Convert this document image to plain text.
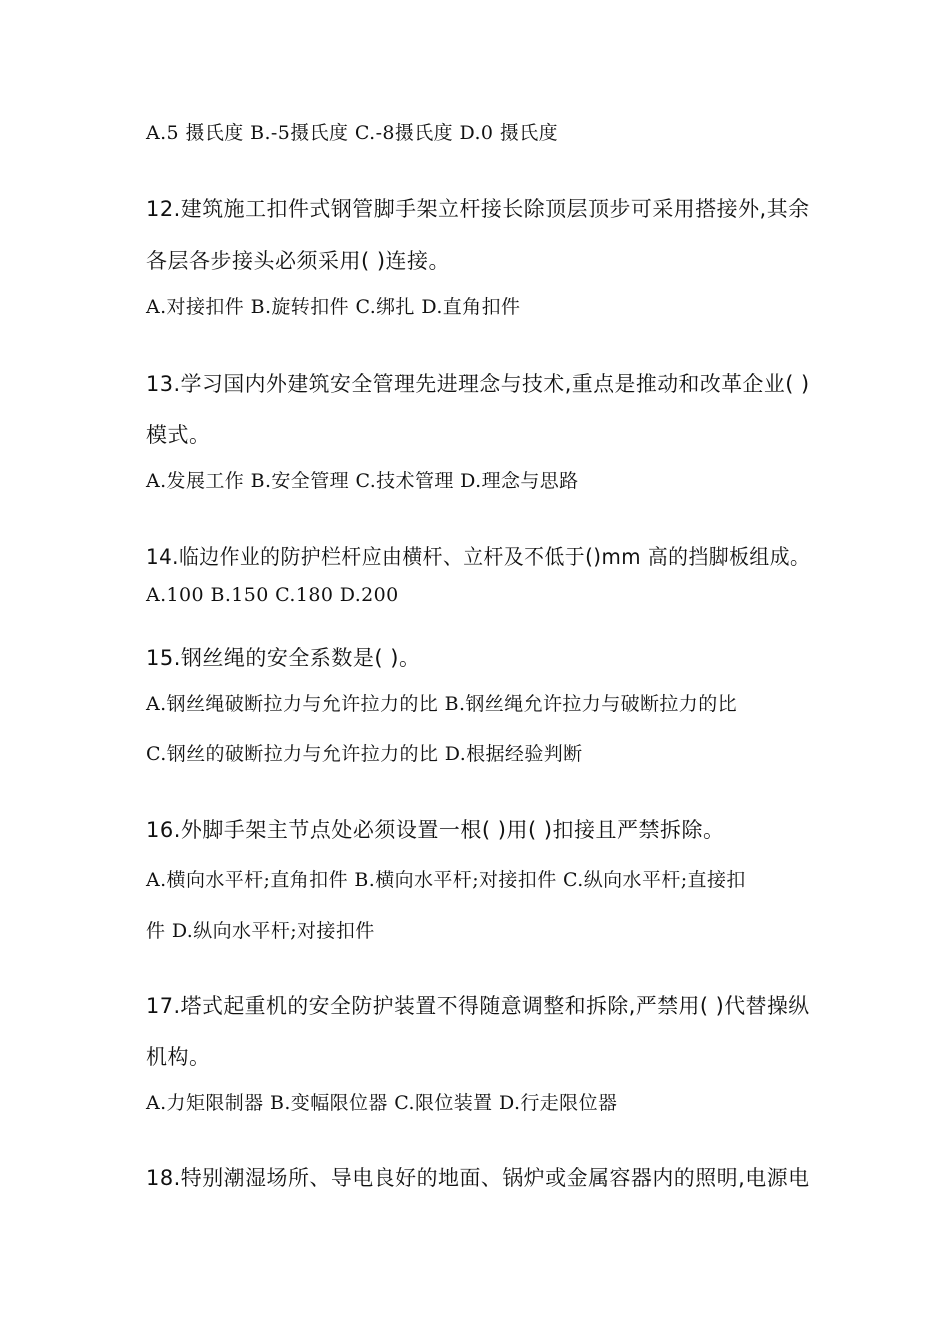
A.5 摄氏度 B.-5摄氏度 C.-8摄氏度 D.0 摄氏度
12.建筑施工扣件式钢管脚手架立杆接长除顶层顶步可采用搭接外,其余
各层各步接头必须采用( )连接。
A.对接扣件 B.旋转扣件 C.绑扎 D.直角扣件
13.学习国内外建筑安全管理先进理念与技术,重点是推动和改革企业( )
模式。
A.发展工作 B.安全管理 C.技术管理 D.理念与思路
14.临边作业的防护栏杆应由横杆、立杆及不低于()mm 高的挡脚板组成。
A.100 B.150 C.180 D.200
15.钢丝绳的安全系数是( )。
A.钢丝绳破断拉力与允许拉力的比 B.钢丝绳允许拉力与破断拉力的比
C.钢丝的破断拉力与允许拉力的比 D.根据经验判断
16.外脚手架主节点处必须设置一根( )用( )扣接且严禁拆除。
A.横向水平杆;直角扣件 B.横向水平杆;对接扣件 C.纵向水平杆;直接扣
件 D.纵向水平杆;对接扣件
17.塔式起重机的安全防护装置不得随意调整和拆除,严禁用( )代替操纵
机构。
A.力矩限制器 B.变幅限位器 C.限位装置 D.行走限位器
18.特别潮湿场所、导电良好的地面、锅炉或金属容器内的照明,电源电
